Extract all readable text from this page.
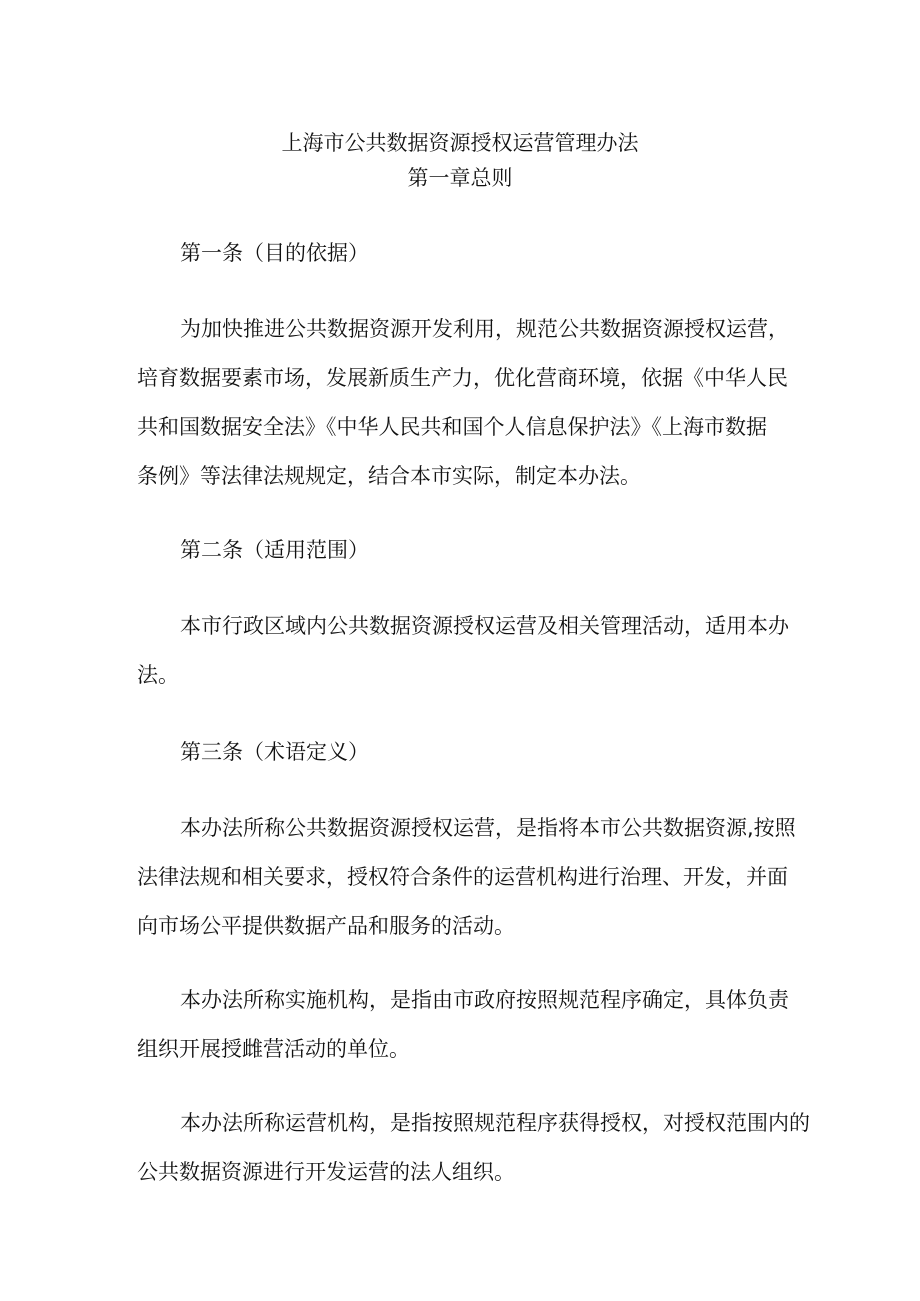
上海市公共数据资源授权运营管理办法
第一章总则
第一条（目的依据）
为加快推进公共数据资源开发利用，规范公共数据资源授权运营，
培育数据要素市场，发展新质生产力，优化营商环境，依据《中华人民
共和国数据安全法》《中华人民共和国个人信息保护法》《上海市数据
条例》等法律法规规定，结合本市实际，制定本办法。
第二条（适用范围）
本市行政区域内公共数据资源授权运营及相关管理活动，适用本办
法。
第三条（术语定义）
本办法所称公共数据资源授权运营，是指将本市公共数据资源,按照
法律法规和相关要求，授权符合条件的运营机构进行治理、开发，并面
向市场公平提供数据产品和服务的活动。
本办法所称实施机构，是指由市政府按照规范程序确定，具体负责
组织开展授雌营活动的单位。
本办法所称运营机构，是指按照规范程序获得授权，对授权范围内的
公共数据资源进行开发运营的法人组织。
